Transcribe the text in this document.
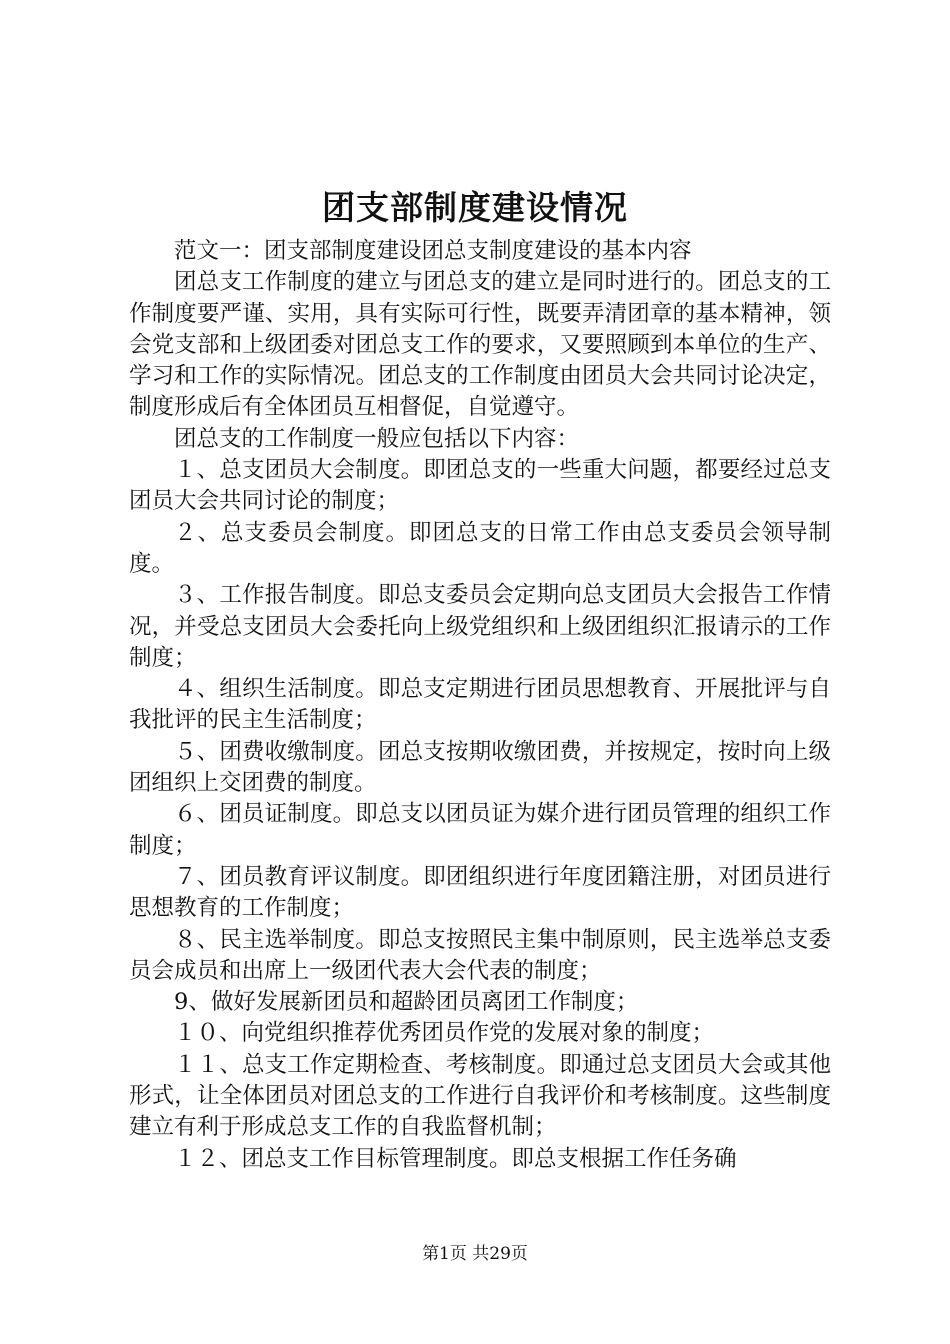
团支部制度建设情况

范文一：团支部制度建设团总支制度建设的基本内容

团总支工作制度的建立与团总支的建立是同时进行的。团总支的工作制度要严谨、实用，具有实际可行性，既要弄清团章的基本精神，领会党支部和上级团委对团总支工作的要求，又要照顾到本单位的生产、学习和工作的实际情况。团总支的工作制度由团员大会共同讨论决定，制度形成后有全体团员互相督促，自觉遵守。

团总支的工作制度一般应包括以下内容：

１、总支团员大会制度。即团总支的一些重大问题，都要经过总支团员大会共同讨论的制度；

２、总支委员会制度。即团总支的日常工作由总支委员会领导制度。

３、工作报告制度。即总支委员会定期向总支团员大会报告工作情况，并受总支团员大会委托向上级党组织和上级团组织汇报请示的工作制度；

４、组织生活制度。即总支定期进行团员思想教育、开展批评与自我批评的民主生活制度；

５、团费收缴制度。团总支按期收缴团费，并按规定，按时向上级团组织上交团费的制度。

６、团员证制度。即总支以团员证为媒介进行团员管理的组织工作制度；

７、团员教育评议制度。即团组织进行年度团籍注册，对团员进行思想教育的工作制度；

８、民主选举制度。即总支按照民主集中制原则，民主选举总支委员会成员和出席上一级团代表大会代表的制度；

9、做好发展新团员和超龄团员离团工作制度；

１０、向党组织推荐优秀团员作党的发展对象的制度；

１１、总支工作定期检查、考核制度。即通过总支团员大会或其他形式，让全体团员对团总支的工作进行自我评价和考核制度。这些制度建立有利于形成总支工作的自我监督机制；

１２、团总支工作目标管理制度。即总支根据工作任务确

第1页 共29页
